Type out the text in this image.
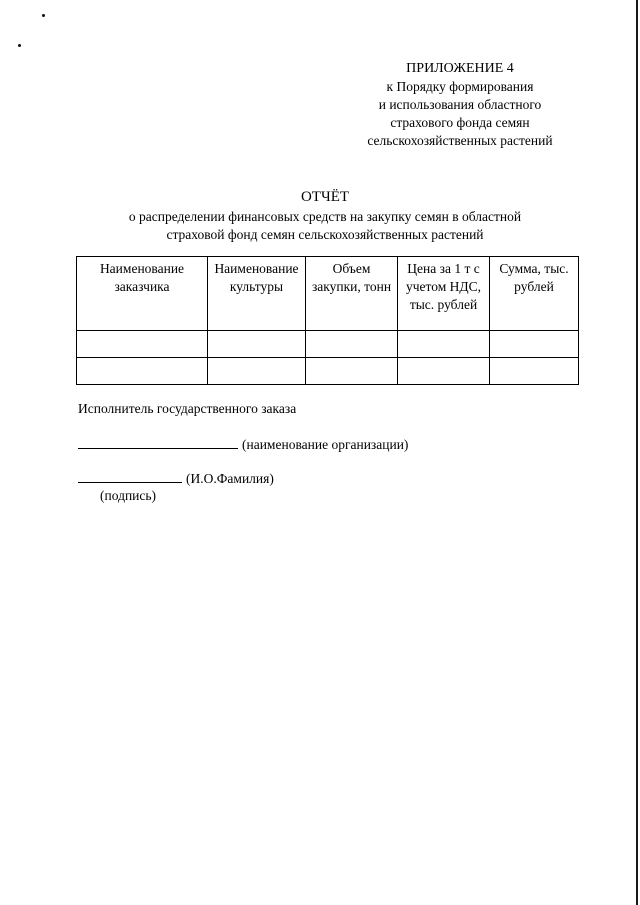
ПРИЛОЖЕНИЕ 4
к Порядку формирования
и использования областного
страхового фонда семян
сельскохозяйственных растений
ОТЧЁТ
о распределении финансовых средств на закупку семян в областной
страховой фонд семян сельскохозяйственных растений
Наименование заказчика	Наименование культуры	Объем закупки, тонн	Цена за 1 т с учетом НДС, тыс. рублей	Сумма, тыс. рублей

Исполнитель государственного заказа
(наименование организации)
(И.О.Фамилия)
(подпись)
